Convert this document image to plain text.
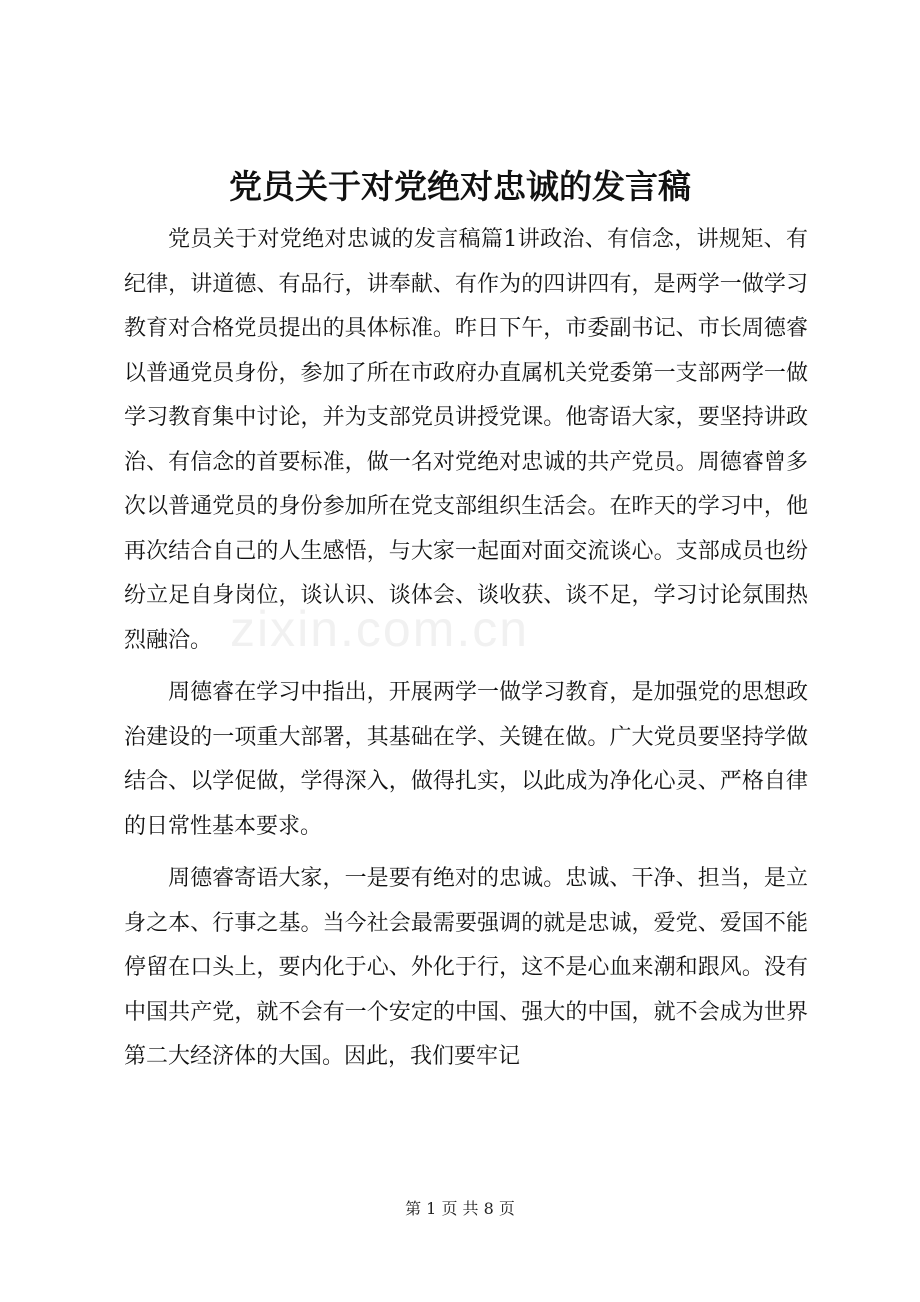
党员关于对党绝对忠诚的发言稿

党员关于对党绝对忠诚的发言稿篇1讲政治、有信念，讲规矩、有纪律，讲道德、有品行，讲奉献、有作为的四讲四有，是两学一做学习教育对合格党员提出的具体标准。昨日下午，市委副书记、市长周德睿以普通党员身份，参加了所在市政府办直属机关党委第一支部两学一做学习教育集中讨论，并为支部党员讲授党课。他寄语大家，要坚持讲政治、有信念的首要标准，做一名对党绝对忠诚的共产党员。周德睿曾多次以普通党员的身份参加所在党支部组织生活会。在昨天的学习中，他再次结合自己的人生感悟，与大家一起面对面交流谈心。支部成员也纷纷立足自身岗位，谈认识、谈体会、谈收获、谈不足，学习讨论氛围热烈融洽。

周德睿在学习中指出，开展两学一做学习教育，是加强党的思想政治建设的一项重大部署，其基础在学、关键在做。广大党员要坚持学做结合、以学促做，学得深入，做得扎实，以此成为净化心灵、严格自律的日常性基本要求。

周德睿寄语大家，一是要有绝对的忠诚。忠诚、干净、担当，是立身之本、行事之基。当今社会最需要强调的就是忠诚，爱党、爱国不能停留在口头上，要内化于心、外化于行，这不是心血来潮和跟风。没有中国共产党，就不会有一个安定的中国、强大的中国，就不会成为世界第二大经济体的大国。因此，我们要牢记

zixin.com.cn
第 1 页 共 8 页
